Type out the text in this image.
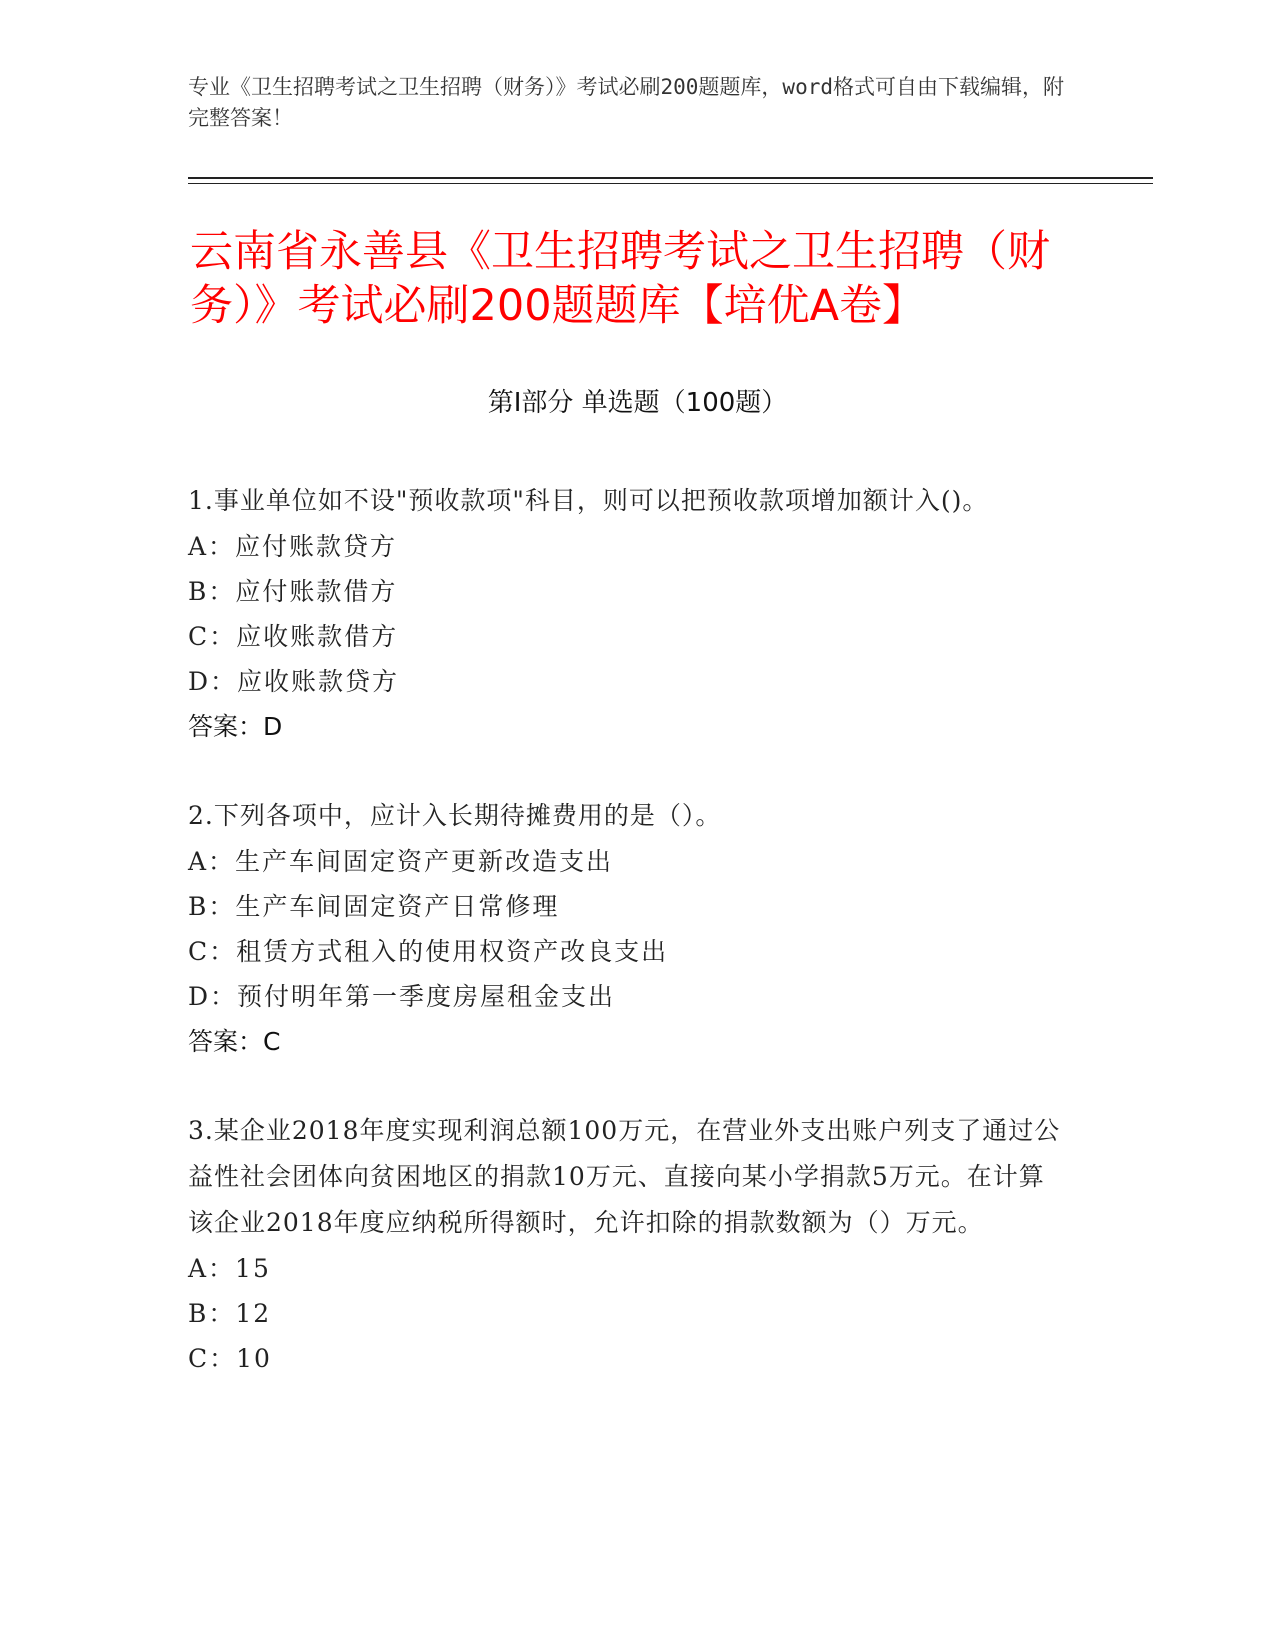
专业《卫生招聘考试之卫生招聘（财务）》考试必刷200题题库，word格式可自由下载编辑，附完整答案！
云南省永善县《卫生招聘考试之卫生招聘（财务）》考试必刷200题题库【培优A卷】
第Ⅰ部分 单选题（100题）
1.事业单位如不设"预收款项"科目，则可以把预收款项增加额计入()。
A：应付账款贷方
B：应付账款借方
C：应收账款借方
D：应收账款贷方
答案：D
2.下列各项中，应计入长期待摊费用的是（）。
A：生产车间固定资产更新改造支出
B：生产车间固定资产日常修理
C：租赁方式租入的使用权资产改良支出
D：预付明年第一季度房屋租金支出
答案：C
3.某企业2018年度实现利润总额100万元，在营业外支出账户列支了通过公益性社会团体向贫困地区的捐款10万元、直接向某小学捐款5万元。在计算该企业2018年度应纳税所得额时，允许扣除的捐款数额为（）万元。
A：15
B：12
C：10
